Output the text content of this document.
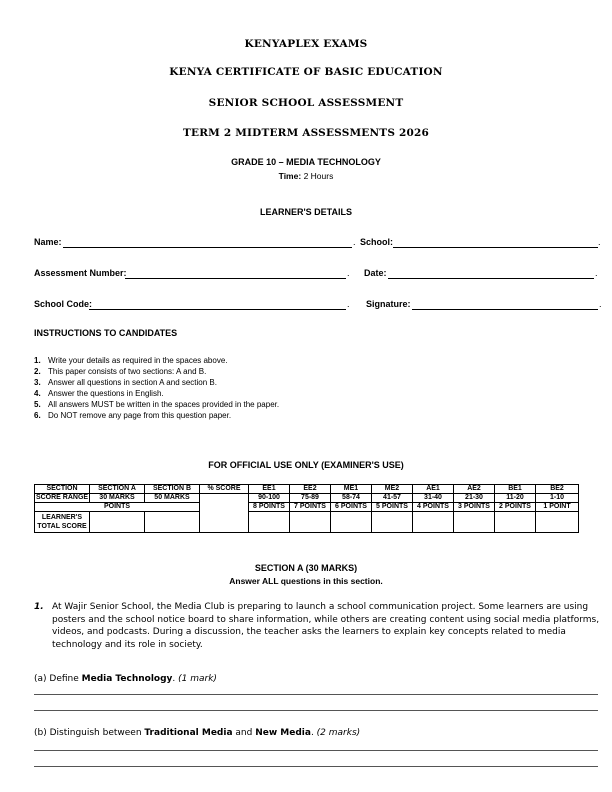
KENYAPLEX EXAMS
KENYA CERTIFICATE OF BASIC EDUCATION
SENIOR SCHOOL ASSESSMENT
TERM 2 MIDTERM ASSESSMENTS 2026
GRADE 10 – MEDIA TECHNOLOGY
Time: 2 Hours
LEARNER'S DETAILS
Name:	. School:	.
Assessment Number:	. Date:	.
School Code:	. Signature:	.
INSTRUCTIONS TO CANDIDATES
1. Write your details as required in the spaces above.
2. This paper consists of two sections: A and B.
3. Answer all questions in section A and section B.
4. Answer the questions in English.
5. All answers MUST be written in the spaces provided in the paper.
6. Do NOT remove any page from this question paper.
FOR OFFICIAL USE ONLY (EXAMINER'S USE)
SECTION	SECTION A	SECTION B	% SCORE	EE1	EE2	ME1	ME2	AE1	AE2	BE1	BE2
SCORE RANGE	30 MARKS	50 MARKS		90-100	75-89	58-74	41-57	31-40	21-30	11-20	1-10
POINTS				8 POINTS	7 POINTS	6 POINTS	5 POINTS	4 POINTS	3 POINTS	2 POINTS	1 POINT
LEARNER'S TOTAL SCORE											
SECTION A (30 MARKS)
Answer ALL questions in this section.
1. At Wajir Senior School, the Media Club is preparing to launch a school communication project. Some learners are using posters and the school notice board to share information, while others are creating content using social media platforms, videos, and podcasts. During a discussion, the teacher asks the learners to explain key concepts related to media technology and its role in society.
(a) Define Media Technology. (1 mark)
(b) Distinguish between Traditional Media and New Media. (2 marks)
